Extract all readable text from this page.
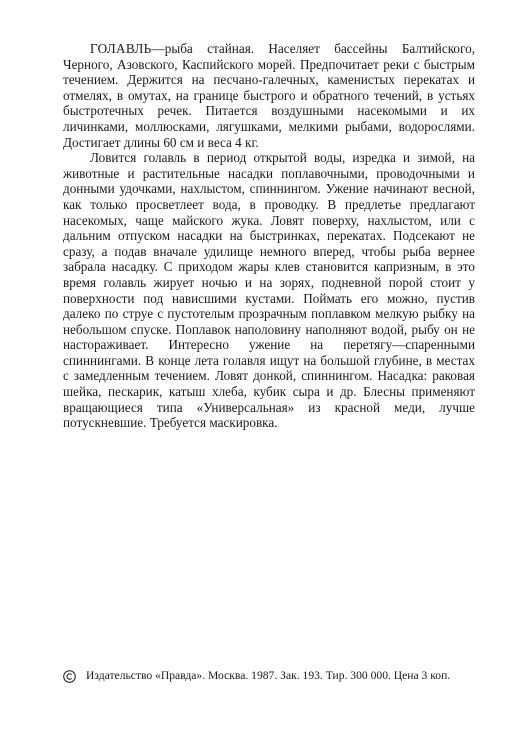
ГОЛАВЛЬ—рыба стайная. Населяет бассейны Балтийского, Черного, Азовского, Каспийского морей. Предпочитает реки с быстрым течением. Держится на песчано-галечных, каменистых перекатах и отмелях, в омутах, на границе быстрого и обратного течений, в устьях быстротечных речек. Питается воздушными насекомыми и их личинками, моллюсками, лягушками, мелкими рыбами, водорослями. Достигает длины 60 см и веса 4 кг.

Ловится голавль в период открытой воды, изредка и зимой, на животные и растительные насадки поплавочными, проводочными и донными удочками, нахлыстом, спиннингом. Ужение начинают весной, как только просветлеет вода, в проводку. В предлетье предлагают насекомых, чаще майского жука. Ловят поверху, нахлыстом, или с дальним отпуском насадки на быстринках, перекатах. Подсекают не сразу, а подав вначале удилище немного вперед, чтобы рыба вернее забрала насадку. С приходом жары клев становится капризным, в это время голавль жирует ночью и на зорях, подневной порой стоит у поверхности под нависшими кустами. Поймать его можно, пустив далеко по струе с пустотелым прозрачным поплавком мелкую рыбку на небольшом спуске. Поплавок наполовину наполняют водой, рыбу он не настораживает. Интересно ужение на перетягу—спаренными спиннингами. В конце лета голавля ищут на большой глубине, в местах с замедленным течением. Ловят донкой, спиннингом. Насадка: раковая шейка, пескарик, катыш хлеба, кубик сыра и др. Блесны применяют вращающиеся типа «Универсальная» из красной меди, лучше потускневшие. Требуется маскировка.

Издательство «Правда». Москва. 1987. Зак. 193. Тир. 300 000. Цена 3 коп.
